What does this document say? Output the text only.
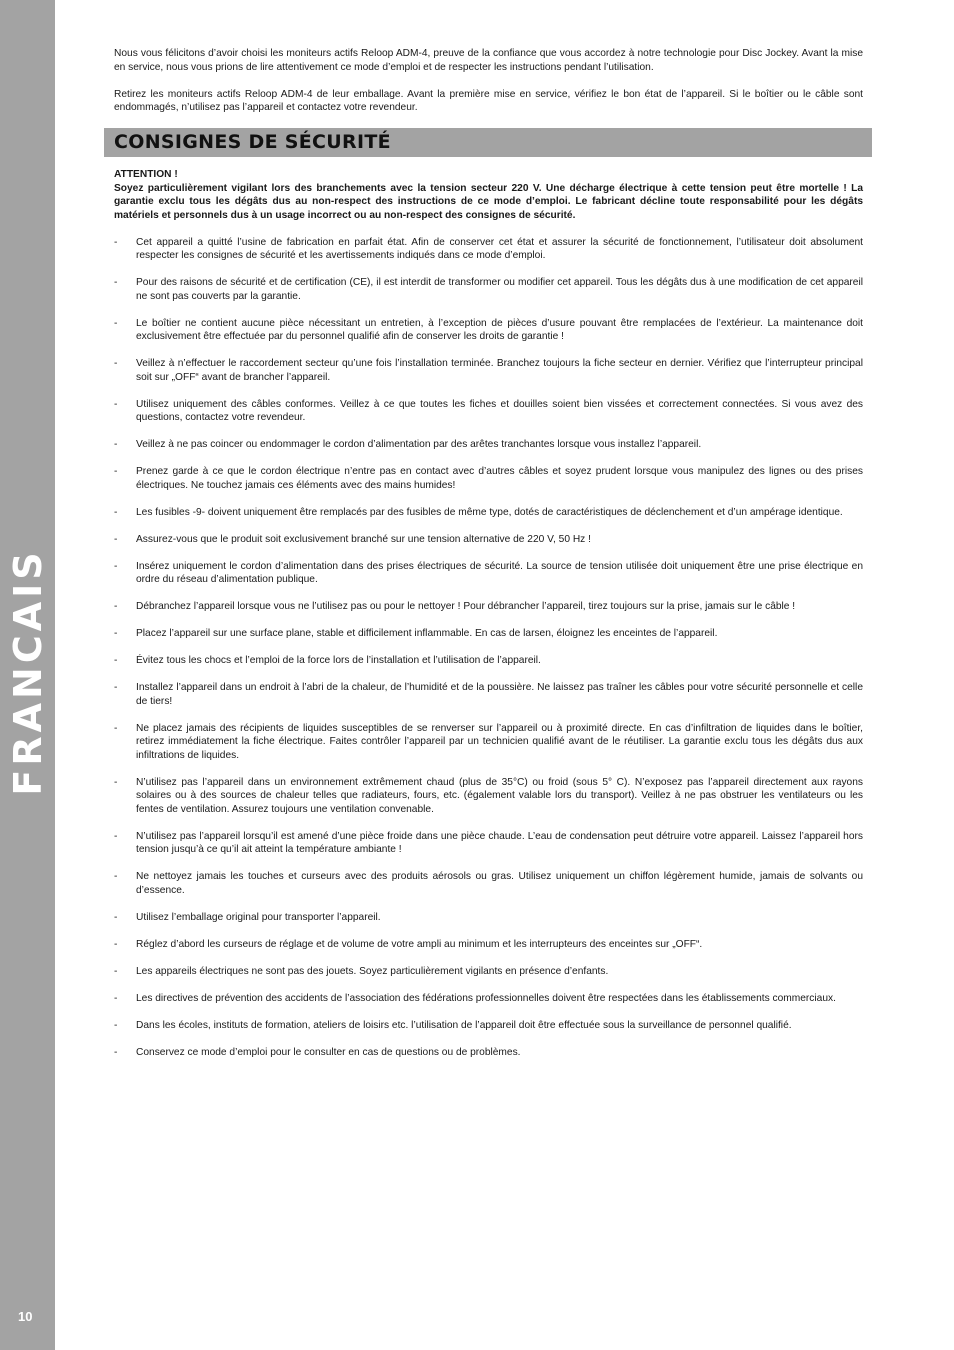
FRANCAIS
10

Nous vous félicitons d’avoir choisi les moniteurs actifs Reloop ADM-4, preuve de la confiance que vous accordez à notre technologie pour Disc Jockey. Avant la mise en service, nous vous prions de lire attentivement ce mode d’emploi et de respecter les instructions pendant l’utilisation.

Retirez les moniteurs actifs Reloop ADM-4 de leur emballage. Avant la première mise en service, vérifiez le bon état de l’appareil. Si le boîtier ou le câble sont endommagés, n’utilisez pas l’appareil et contactez votre revendeur.

CONSIGNES DE SÉCURITÉ
ATTENTION !
Soyez particulièrement vigilant lors des branchements avec la tension secteur 220 V. Une décharge électrique à cette tension peut être mortelle ! La garantie exclu tous les dégâts dus au non-respect des instructions de ce mode d’emploi. Le fabricant décline toute responsabilité pour les dégâts matériels et personnels dus à un usage incorrect ou au non-respect des consignes de sécurité.
-	Cet appareil a quitté l’usine de fabrication en parfait état. Afin de conserver cet état et assurer la sécurité de fonctionnement, l’utilisateur doit absolument respecter les consignes de sécurité et les avertissements indiqués dans ce mode d’emploi.
-	Pour des raisons de sécurité et de certification (CE), il est interdit de transformer ou modifier cet appareil. Tous les dégâts dus à une modification de cet appareil ne sont pas couverts par la garantie.
-	Le boîtier ne contient aucune pièce nécessitant un entretien, à l’exception de pièces d’usure pouvant être remplacées de l’extérieur. La maintenance doit exclusivement être effectuée par du personnel qualifié afin de conserver les droits de garantie !
-	Veillez à n’effectuer le raccordement secteur qu’une fois l’installation terminée. Branchez toujours la fiche secteur en dernier. Vérifiez que l’interrupteur principal soit sur „OFF“ avant de brancher l’appareil.
-	Utilisez uniquement des câbles conformes. Veillez à ce que toutes les fiches et douilles soient bien vissées et correctement connectées. Si vous avez des questions, contactez votre revendeur.
-	Veillez à ne pas coincer ou endommager le cordon d’alimentation par des arêtes tranchantes lorsque vous installez l’appareil.
-	Prenez garde à ce que le cordon électrique n’entre pas en contact avec d’autres câbles et soyez prudent lorsque vous manipulez des lignes ou des prises électriques. Ne touchez jamais ces éléments avec des mains humides!
-	Les fusibles -9- doivent uniquement être remplacés par des fusibles de même type, dotés de caractéristiques de déclenchement et d’un ampérage identique.
-	Assurez-vous que le produit soit exclusivement branché sur une tension alternative de 220 V, 50 Hz !
-	Insérez uniquement le cordon d’alimentation dans des prises électriques de sécurité. La source de tension utilisée doit uniquement être une prise électrique en ordre du réseau d’alimentation publique.
-	Débranchez l’appareil lorsque vous ne l’utilisez pas ou pour le nettoyer ! Pour débrancher l’appareil, tirez toujours sur la prise, jamais sur le câble !
-	Placez l’appareil sur une surface plane, stable et difficilement inflammable. En cas de larsen, éloignez les enceintes de l’appareil.
-	Évitez tous les chocs et l’emploi de la force lors de l’installation et l’utilisation de l’appareil.
-	Installez l’appareil dans un endroit à l’abri de la chaleur, de l’humidité et de la poussière. Ne laissez pas traîner les câbles pour votre sécurité personnelle et celle de tiers!
-	Ne placez jamais des récipients de liquides susceptibles de se renverser sur l’appareil ou à proximité directe. En cas d’infiltration de liquides dans le boîtier, retirez immédiatement la fiche électrique. Faites contrôler l’appareil par un technicien qualifié avant de le réutiliser. La garantie exclu tous les dégâts dus aux infiltrations de liquides.
-	N’utilisez pas l’appareil dans un environnement extrêmement chaud (plus de 35°C) ou froid (sous 5° C). N’exposez pas l’appareil directement aux rayons solaires ou à des sources de chaleur telles que radiateurs, fours, etc. (également valable lors du transport). Veillez à ne pas obstruer les ventilateurs ou les fentes de ventilation. Assurez toujours une ventilation convenable.
-	N’utilisez pas l’appareil lorsqu’il est amené d’une pièce froide dans une pièce chaude. L’eau de condensation peut détruire votre appareil. Laissez l’appareil hors tension jusqu’à ce qu’il ait atteint la température ambiante !
-	Ne nettoyez jamais les touches et curseurs avec des produits aérosols ou gras. Utilisez uniquement un chiffon légèrement humide, jamais de solvants ou d’essence.
-	Utilisez l’emballage original pour transporter l’appareil.
-	Réglez d’abord les curseurs de réglage et de volume de votre ampli au minimum et les interrupteurs des enceintes sur „OFF“.
-	Les appareils électriques ne sont pas des jouets. Soyez particulièrement vigilants en présence d’enfants.
-	Les directives de prévention des accidents de l’association des fédérations professionnelles doivent être respectées dans les établissements commerciaux.
-	Dans les écoles, instituts de formation, ateliers de loisirs etc. l’utilisation de l’appareil doit être effectuée sous la surveillance de personnel qualifié.
-	Conservez ce mode d’emploi pour le consulter en cas de questions ou de problèmes.
